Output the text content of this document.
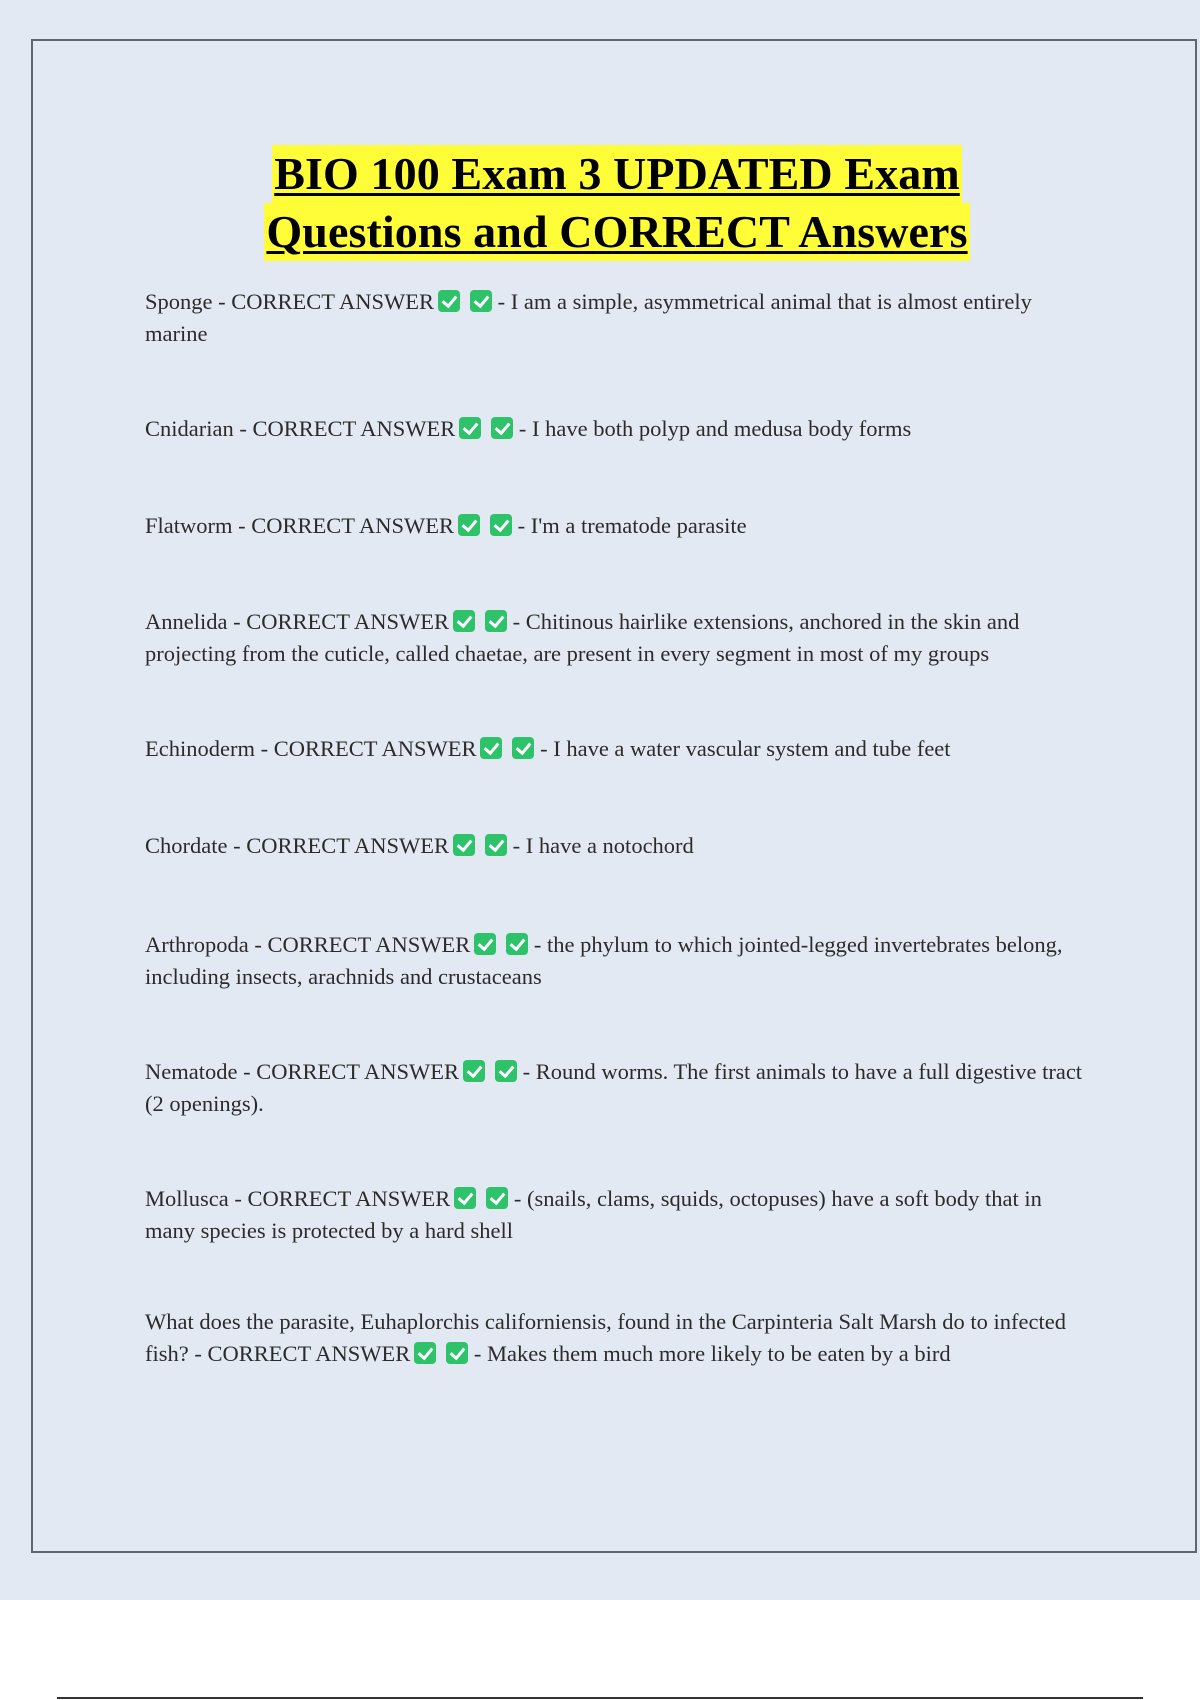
BIO 100 Exam 3 UPDATED Exam
Questions and CORRECT Answers
Sponge - CORRECT ANSWER	- I am a simple, asymmetrical animal that is almost entirely marine
Cnidarian - CORRECT ANSWER	- I have both polyp and medusa body forms
Flatworm - CORRECT ANSWER	- I'm a trematode parasite
Annelida - CORRECT ANSWER	- Chitinous hairlike extensions, anchored in the skin and projecting from the cuticle, called chaetae, are present in every segment in most of my groups
Echinoderm - CORRECT ANSWER	- I have a water vascular system and tube feet
Chordate - CORRECT ANSWER	- I have a notochord
Arthropoda - CORRECT ANSWER	- the phylum to which jointed-legged invertebrates belong, including insects, arachnids and crustaceans
Nematode - CORRECT ANSWER	- Round worms. The first animals to have a full digestive tract (2 openings).
Mollusca - CORRECT ANSWER	- (snails, clams, squids, octopuses) have a soft body that in many species is protected by a hard shell
What does the parasite, Euhaplorchis californiensis, found in the Carpinteria Salt Marsh do to infected fish? - CORRECT ANSWER	- Makes them much more likely to be eaten by a bird
